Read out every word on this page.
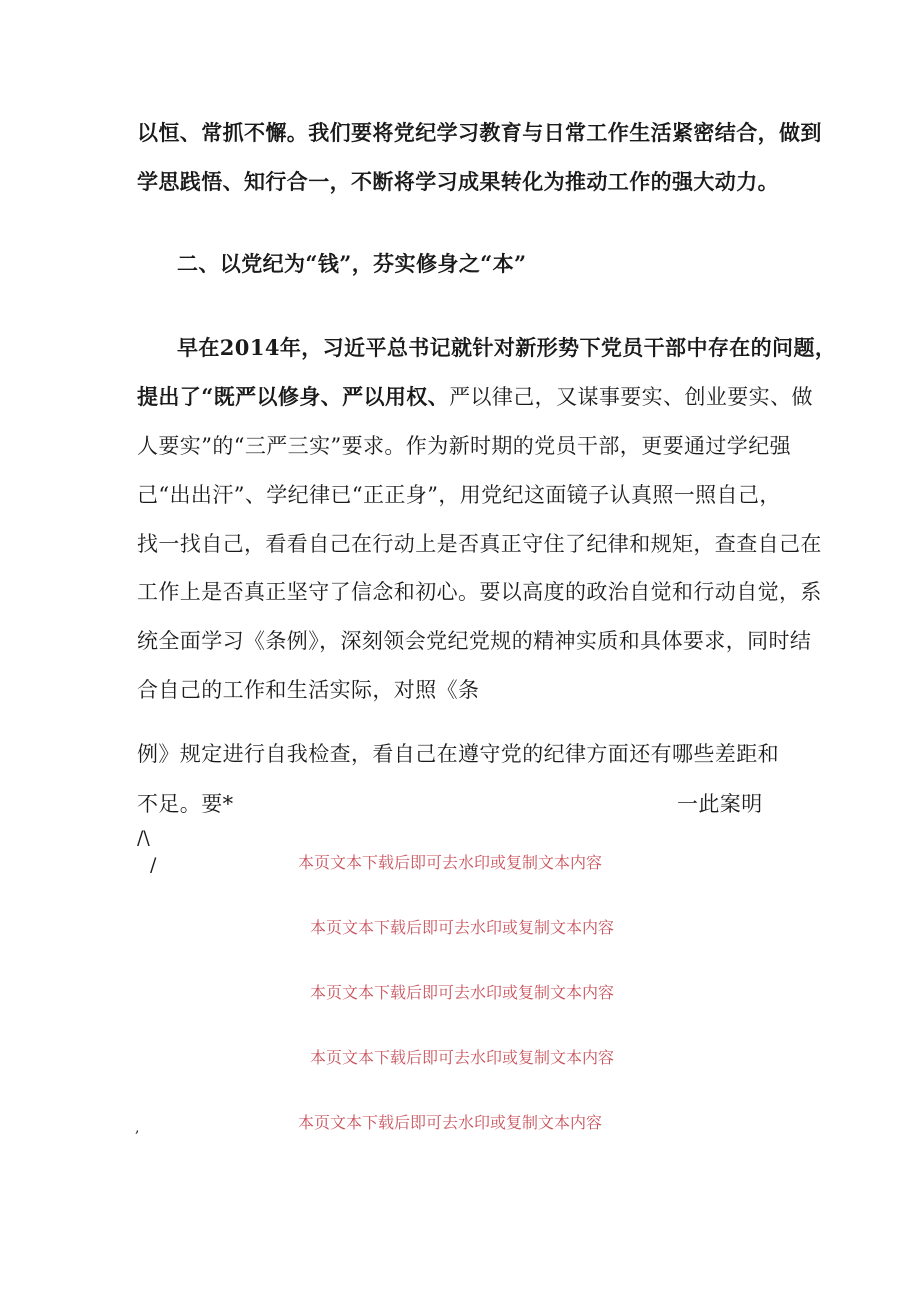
以恒、常抓不懈。我们要将党纪学习教育与日常工作生活紧密结合，做到
学思践悟、知行合一，不断将学习成果转化为推动工作的强大动力。
二、以党纪为“钱”，芬实修身之“本”
早在2014年，习近平总书记就针对新形势下党员干部中存在的问题，
提出了“既严以修身、严以用权、严以律己，又谋事要实、创业要实、做
人要实”的“三严三实”要求。作为新时期的党员干部，更要通过学纪强
己“出出汗”、学纪律已“正正身”，用党纪这面镜子认真照一照自己，
找一找自己，看看自己在行动上是否真正守住了纪律和规矩，查查自己在
工作上是否真正坚守了信念和初心。要以高度的政治自觉和行动自觉，系
统全面学习《条例》，深刻领会党纪党规的精神实质和具体要求，同时结
合自己的工作和生活实际，对照《条
例》规定进行自我检查，看自己在遵守党的纪律方面还有哪些差距和
不足。要*	一此案明
/\
/
,
本页文本下载后即可去水印或复制文本内容
本页文本下载后即可去水印或复制文本内容
本页文本下载后即可去水印或复制文本内容
本页文本下载后即可去水印或复制文本内容
本页文本下载后即可去水印或复制文本内容
